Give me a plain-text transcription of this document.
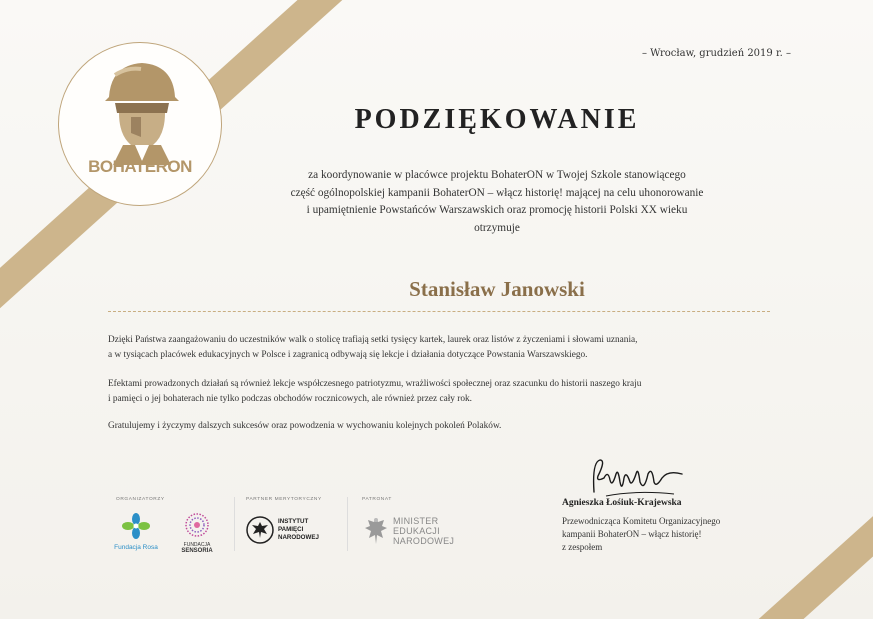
BOHATERON
– Wrocław, grudzień 2019 r. –
PODZIĘKOWANIE
za koordynowanie w placówce projektu BohaterON w Twojej Szkole stanowiącego
część ogólnopolskiej kampanii BohaterON – włącz historię! mającej na celu uhonorowanie
i upamiętnienie Powstańców Warszawskich oraz promocję historii Polski XX wieku
otrzymuje
Stanisław Janowski
Dzięki Państwa zaangażowaniu do uczestników walk o stolicę trafiają setki tysięcy kartek, laurek oraz listów z życzeniami i słowami uznania,
a w tysiącach placówek edukacyjnych w Polsce i zagranicą odbywają się lekcje i działania dotyczące Powstania Warszawskiego.
Efektami prowadzonych działań są również lekcje współczesnego patriotyzmu, wrażliwości społecznej oraz szacunku do historii naszego kraju
i pamięci o jej bohaterach nie tylko podczas obchodów rocznicowych, ale również przez cały rok.
Gratulujemy i życzymy dalszych sukcesów oraz powodzenia w wychowaniu kolejnych pokoleń Polaków.
ORGANIZATORZY	PARTNER MERYTORYCZNY	PATRONAT
Fundacja Rosa	FUNDACJA
SENSORIA
INSTYTUT
PAMIĘCI
NARODOWEJ
MINISTER
EDUKACJI
NARODOWEJ
Agnieszka Łośiuk-Krajewska
Przewodnicząca Komitetu Organizacyjnego
kampanii BohaterON – włącz historię!
z zespołem
